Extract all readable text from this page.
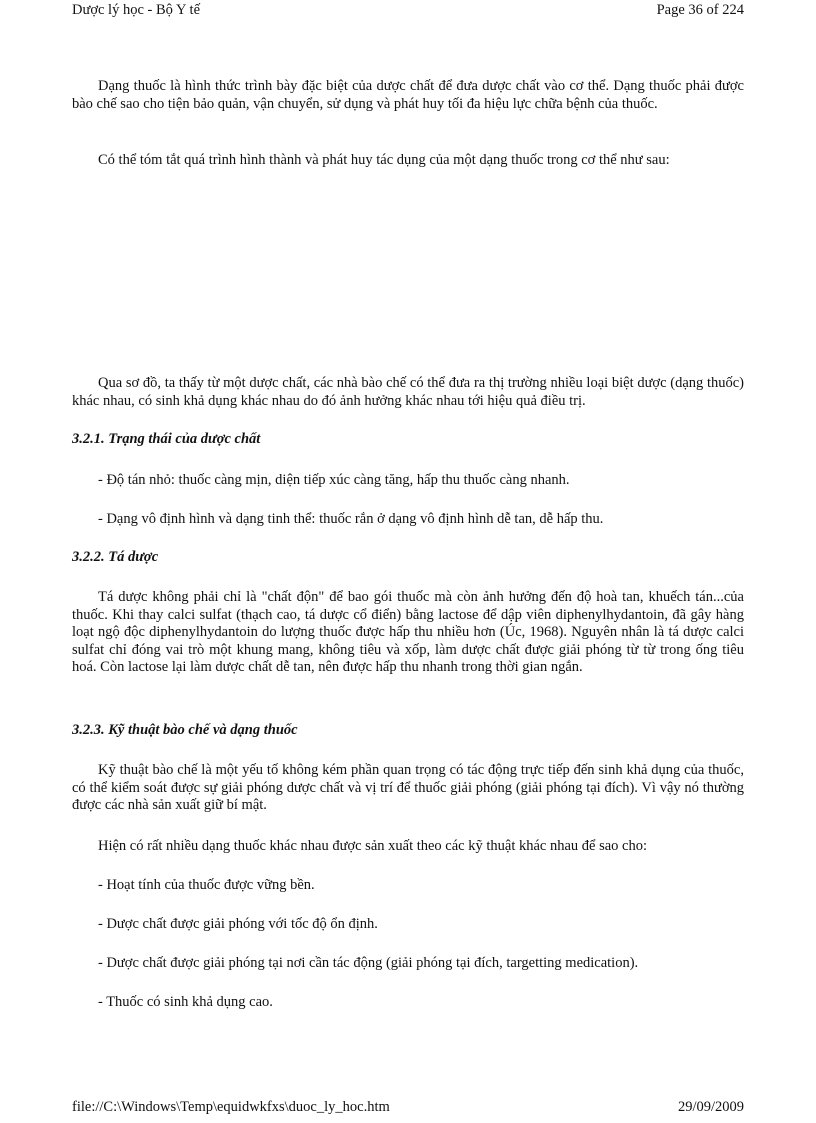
Dược lý học - Bộ Y tế	Page 36 of 224

Dạng thuốc là hình thức trình bày đặc biệt của dược chất để đưa dược chất vào cơ thể. Dạng thuốc phải được bào chế sao cho tiện bảo quản, vận chuyển, sử dụng và phát huy tối đa hiệu lực chữa bệnh của thuốc.

Có thể tóm tắt quá trình hình thành và phát huy tác dụng của một dạng thuốc trong cơ thể như sau:

Qua sơ đồ, ta thấy từ một dược chất, các nhà bào chế có thể đưa ra thị trường nhiều loại biệt dược (dạng thuốc) khác nhau, có sinh khả dụng khác nhau do đó ảnh hưởng khác nhau tới hiệu quả điều trị.

3.2.1. Trạng thái của dược chất

- Độ tán nhỏ: thuốc càng mịn, diện tiếp xúc càng tăng, hấp thu thuốc càng nhanh.

- Dạng vô định hình và dạng tinh thể: thuốc rắn ở dạng vô định hình dễ tan, dễ hấp thu.

3.2.2. Tá dược

Tá dược không phải chỉ là "chất độn" để bao gói thuốc mà còn ảnh hưởng đến độ hoà tan, khuếch tán...của thuốc. Khi thay calci sulfat (thạch cao, tá dược cổ điển) bằng lactose để dập viên diphenylhydantoin, đã gây hàng loạt ngộ độc diphenylhydantoin do lượng thuốc được hấp thu nhiều hơn (Úc, 1968). Nguyên nhân là tá dược calci sulfat chỉ đóng vai trò một khung mang, không tiêu và xốp, làm dược chất được giải phóng từ từ trong ống tiêu hoá. Còn lactose lại làm dược chất dễ tan, nên được hấp thu nhanh trong thời gian ngắn.

3.2.3. Kỹ thuật bào chế và dạng thuốc

Kỹ thuật bào chế là một yếu tố không kém phần quan trọng có tác động trực tiếp đến sinh khả dụng của thuốc, có thể kiểm soát được sự giải phóng dược chất và vị trí để thuốc giải phóng (giải phóng tại đích). Vì vậy nó thường được các nhà sản xuất giữ bí mật.

Hiện có rất nhiều dạng thuốc khác nhau được sản xuất theo các kỹ thuật khác nhau để sao cho:

- Hoạt tính của thuốc được vững bền.

- Dược chất được giải phóng với tốc độ ổn định.

- Dược chất được giải phóng tại nơi cần tác động (giải phóng tại đích, targetting medication).

- Thuốc có sinh khả dụng cao.

file://C:\Windows\Temp\equidwkfxs\duoc_ly_hoc.htm	29/09/2009
